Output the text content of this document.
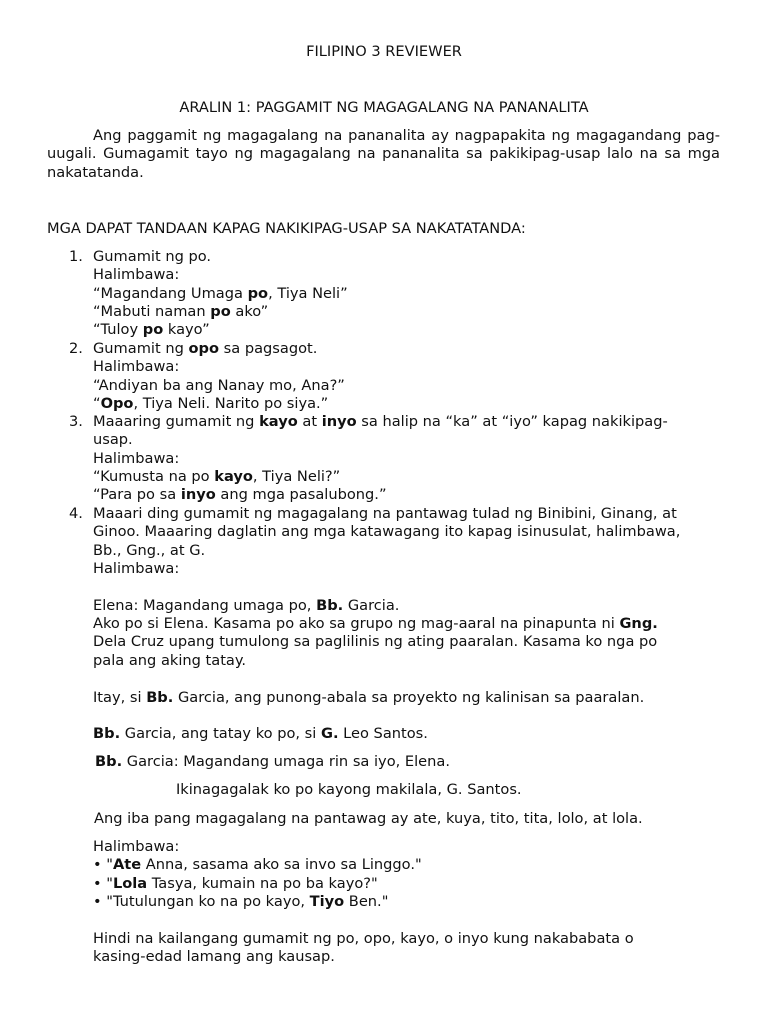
FILIPINO 3 REVIEWER
ARALIN 1: PAGGAMIT NG MAGAGALANG NA PANANALITA
Ang paggamit ng magagalang na pananalita ay nagpapakita ng magagandang pag-uugali. Gumagamit tayo ng magagalang na pananalita sa pakikipag-usap lalo na sa mga nakatatanda.
MGA DAPAT TANDAAN KAPAG NAKIKIPAG-USAP SA NAKATATANDA:
1. Gumamit ng po.
Halimbawa:
“Magandang Umaga po, Tiya Neli”
“Mabuti naman po ako”
“Tuloy po kayo”
2. Gumamit ng opo sa pagsagot.
Halimbawa:
“Andiyan ba ang Nanay mo, Ana?”
“Opo, Tiya Neli. Narito po siya.”
3. Maaaring gumamit ng kayo at inyo sa halip na “ka” at “iyo” kapag nakikipag-
usap.
Halimbawa:
“Kumusta na po kayo, Tiya Neli?”
“Para po sa inyo ang mga pasalubong.”
4. Maaari ding gumamit ng magagalang na pantawag tulad ng Binibini, Ginang, at
Ginoo. Maaaring daglatin ang mga katawagang ito kapag isinusulat, halimbawa,
Bb., Gng., at G.
Halimbawa:
Elena: Magandang umaga po, Bb. Garcia.
Ako po si Elena. Kasama po ako sa grupo ng mag-aaral na pinapunta ni Gng.
Dela Cruz upang tumulong sa paglilinis ng ating paaralan. Kasama ko nga po
pala ang aking tatay.
Itay, si Bb. Garcia, ang punong-abala sa proyekto ng kalinisan sa paaralan.
Bb. Garcia, ang tatay ko po, si G. Leo Santos.
Bb. Garcia: Magandang umaga rin sa iyo, Elena.
Ikinagagalak ko po kayong makilala, G. Santos.
Ang iba pang magagalang na pantawag ay ate, kuya, tito, tita, lolo, at lola.
Halimbawa:
• "Ate Anna, sasama ako sa invo sa Linggo."
• "Lola Tasya, kumain na po ba kayo?"
• "Tutulungan ko na po kayo, Tiyo Ben."
Hindi na kailangang gumamit ng po, opo, kayo, o inyo kung nakababata o
kasing-edad lamang ang kausap.
